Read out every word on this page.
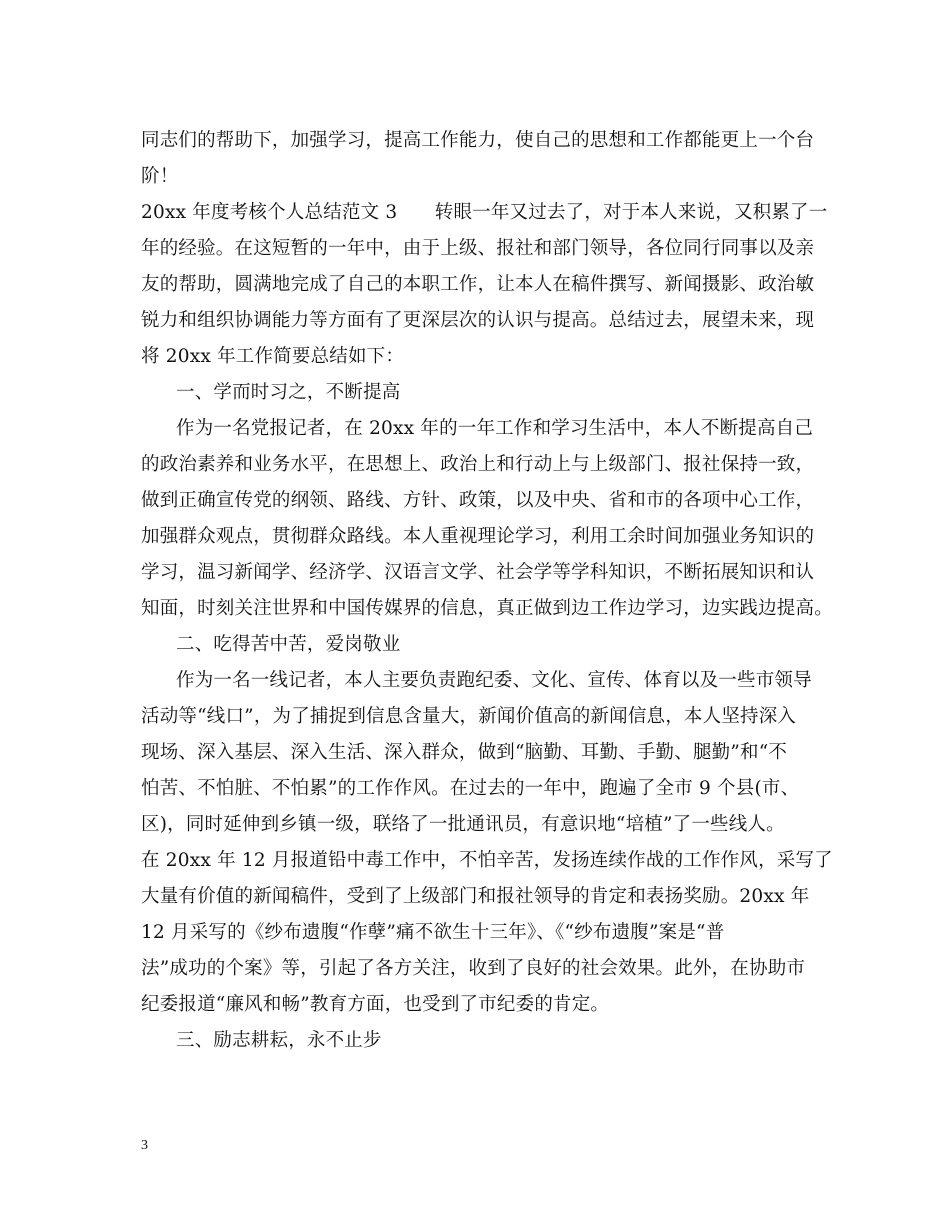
同志们的帮助下，加强学习，提高工作能力，使自己的思想和工作都能更上一个台
阶！
20xx 年度考核个人总结范文 3　　转眼一年又过去了，对于本人来说，又积累了一
年的经验。在这短暂的一年中，由于上级、报社和部门领导，各位同行同事以及亲
友的帮助，圆满地完成了自己的本职工作，让本人在稿件撰写、新闻摄影、政治敏
锐力和组织协调能力等方面有了更深层次的认识与提高。总结过去，展望未来，现
将 20xx 年工作简要总结如下：
一、学而时习之，不断提高
作为一名党报记者，在 20xx 年的一年工作和学习生活中，本人不断提高自己
的政治素养和业务水平，在思想上、政治上和行动上与上级部门、报社保持一致，
做到正确宣传党的纲领、路线、方针、政策，以及中央、省和市的各项中心工作，
加强群众观点，贯彻群众路线。本人重视理论学习，利用工余时间加强业务知识的
学习，温习新闻学、经济学、汉语言文学、社会学等学科知识，不断拓展知识和认
知面，时刻关注世界和中国传媒界的信息，真正做到边工作边学习，边实践边提高。
二、吃得苦中苦，爱岗敬业
作为一名一线记者，本人主要负责跑纪委、文化、宣传、体育以及一些市领导
活动等“线口”，为了捕捉到信息含量大，新闻价值高的新闻信息，本人坚持深入
现场、深入基层、深入生活、深入群众，做到“脑勤、耳勤、手勤、腿勤”和“不
怕苦、不怕脏、不怕累”的工作作风。在过去的一年中，跑遍了全市 9 个县(市、
区)，同时延伸到乡镇一级，联络了一批通讯员，有意识地“培植”了一些线人。
在 20xx 年 12 月报道铅中毒工作中，不怕辛苦，发扬连续作战的工作作风，采写了
大量有价值的新闻稿件，受到了上级部门和报社领导的肯定和表扬奖励。20xx 年
12 月采写的《纱布遗腹“作孽”痛不欲生十三年》、《“纱布遗腹”案是“普
法”成功的个案》等，引起了各方关注，收到了良好的社会效果。此外，在协助市
纪委报道“廉风和畅”教育方面，也受到了市纪委的肯定。
三、励志耕耘，永不止步
3
